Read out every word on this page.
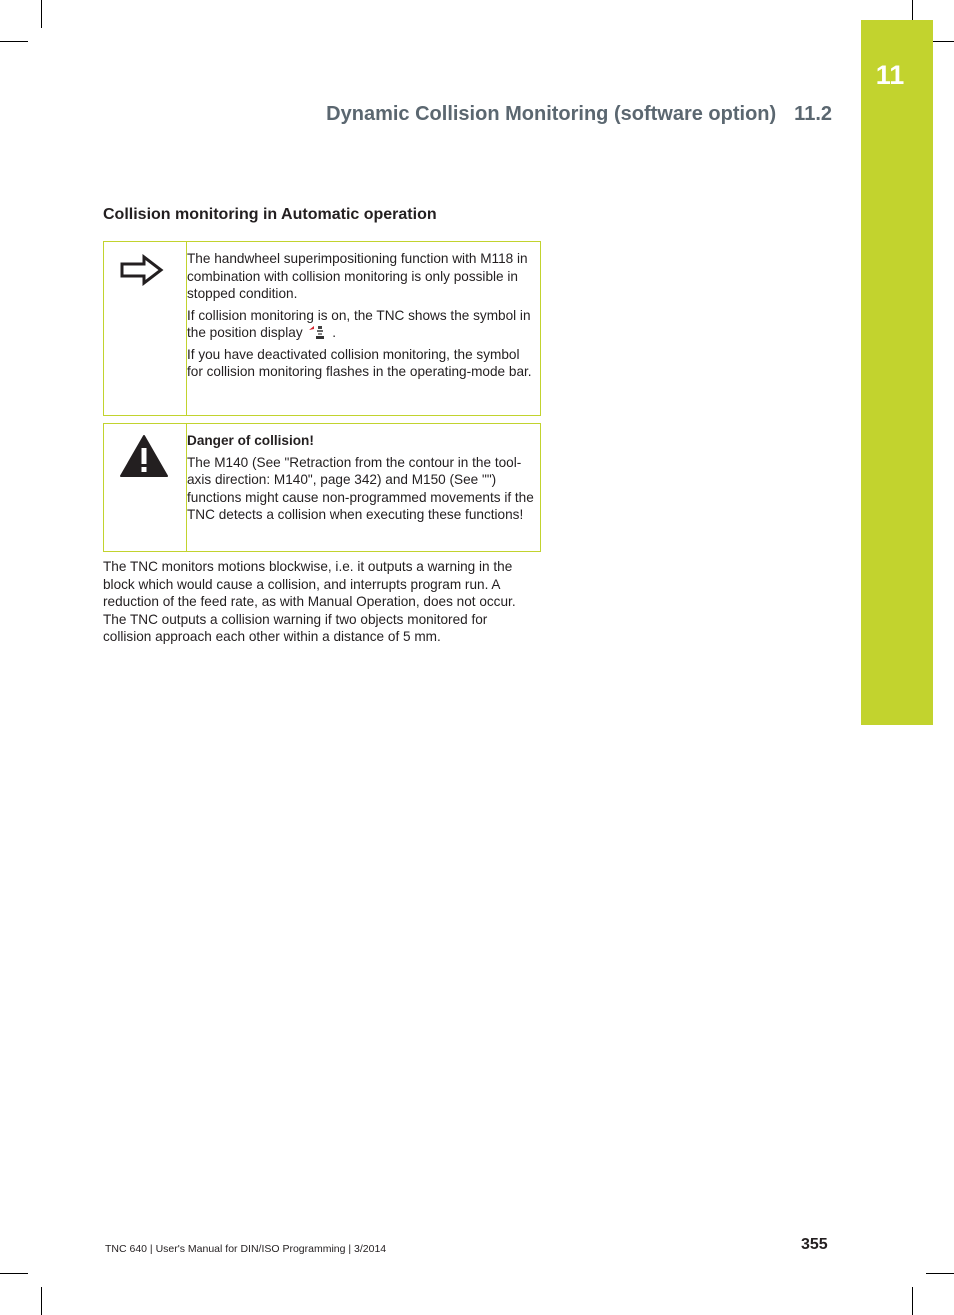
11
Dynamic Collision Monitoring (software option) 11.2
Collision monitoring in Automatic operation

The handwheel superimpositioning function with M118 in combination with collision monitoring is only possible in stopped condition.

If collision monitoring is on, the TNC shows the symbol in the position display .

If you have deactivated collision monitoring, the symbol for collision monitoring flashes in the operating-mode bar.

Danger of collision!

The M140 (See "Retraction from the contour in the tool-axis direction: M140", page 342) and M150 (See "") functions might cause non-programmed movements if the TNC detects a collision when executing these functions!

The TNC monitors motions blockwise, i.e. it outputs a warning in the block which would cause a collision, and interrupts program run. A reduction of the feed rate, as with Manual Operation, does not occur. The TNC outputs a collision warning if two objects monitored for collision approach each other within a distance of 5 mm.

TNC 640 | User's Manual for DIN/ISO Programming | 3/2014	355
